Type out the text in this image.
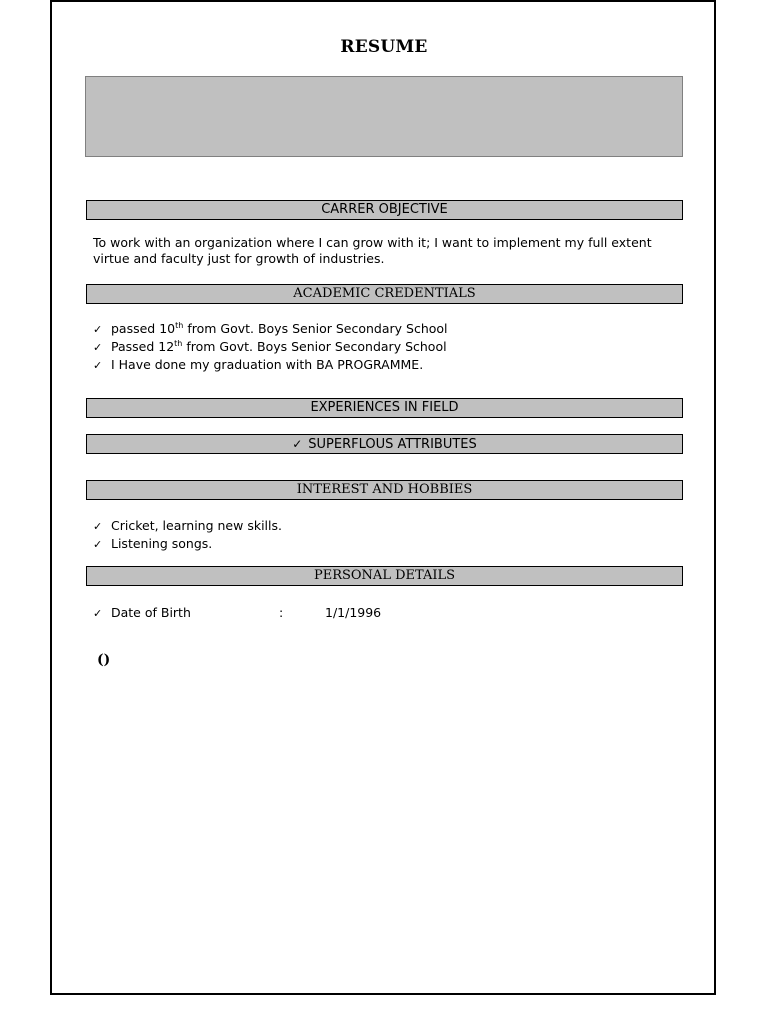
RESUME
CARRER OBJECTIVE
To work with an organization where I can grow with it; I want to implement my full extent virtue and faculty just for growth of industries.
ACADEMIC CREDENTIALS
✓ passed 10th from Govt. Boys Senior Secondary School
✓ Passed 12th from Govt. Boys Senior Secondary School
✓ I Have done my graduation with BA PROGRAMME.
EXPERIENCES IN FIELD
✓ SUPERFLOUS ATTRIBUTES
INTEREST AND HOBBIES
✓ Cricket, learning new skills.
✓ Listening songs.
PERSONAL DETAILS
✓ Date of Birth	:	1/1/1996
()
